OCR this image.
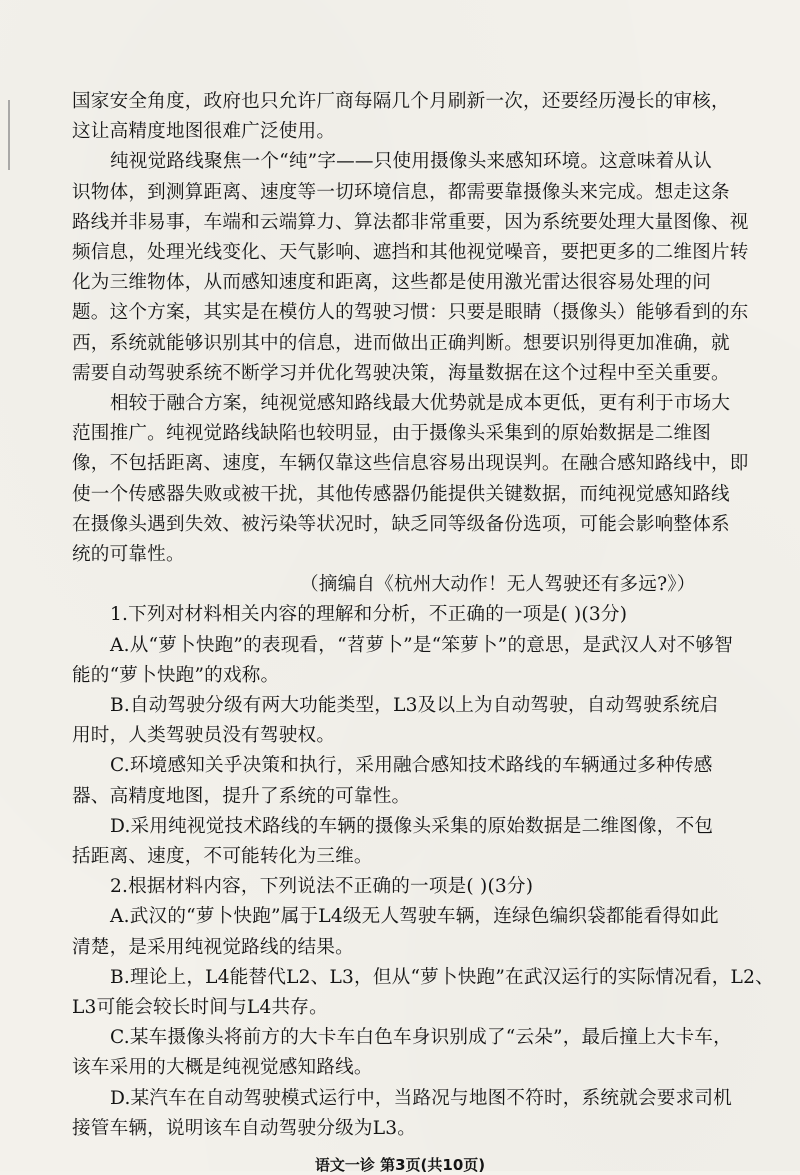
国家安全角度，政府也只允许厂商每隔几个月刷新一次，还要经历漫长的审核，
这让高精度地图很难广泛使用。
纯视觉路线聚焦一个“纯”字——只使用摄像头来感知环境。这意味着从认
识物体，到测算距离、速度等一切环境信息，都需要靠摄像头来完成。想走这条
路线并非易事，车端和云端算力、算法都非常重要，因为系统要处理大量图像、视
频信息，处理光线变化、天气影响、遮挡和其他视觉噪音，要把更多的二维图片转
化为三维物体，从而感知速度和距离，这些都是使用激光雷达很容易处理的问
题。这个方案，其实是在模仿人的驾驶习惯：只要是眼睛（摄像头）能够看到的东
西，系统就能够识别其中的信息，进而做出正确判断。想要识别得更加准确，就
需要自动驾驶系统不断学习并优化驾驶决策，海量数据在这个过程中至关重要。
相较于融合方案，纯视觉感知路线最大优势就是成本更低，更有利于市场大
范围推广。纯视觉路线缺陷也较明显，由于摄像头采集到的原始数据是二维图
像，不包括距离、速度，车辆仅靠这些信息容易出现误判。在融合感知路线中，即
使一个传感器失败或被干扰，其他传感器仍能提供关键数据，而纯视觉感知路线
在摄像头遇到失效、被污染等状况时，缺乏同等级备份选项，可能会影响整体系
统的可靠性。
（摘编自《杭州大动作！无人驾驶还有多远?》）
1.下列对材料相关内容的理解和分析，不正确的一项是( )(3分)
A.从“萝卜快跑”的表现看，“苕萝卜”是“笨萝卜”的意思，是武汉人对不够智
能的“萝卜快跑”的戏称。
B.自动驾驶分级有两大功能类型，L3及以上为自动驾驶，自动驾驶系统启
用时，人类驾驶员没有驾驶权。
C.环境感知关乎决策和执行，采用融合感知技术路线的车辆通过多种传感
器、高精度地图，提升了系统的可靠性。
D.采用纯视觉技术路线的车辆的摄像头采集的原始数据是二维图像，不包
括距离、速度，不可能转化为三维。
2.根据材料内容，下列说法不正确的一项是( )(3分)
A.武汉的“萝卜快跑”属于L4级无人驾驶车辆，连绿色编织袋都能看得如此
清楚，是采用纯视觉路线的结果。
B.理论上，L4能替代L2、L3，但从“萝卜快跑”在武汉运行的实际情况看，L2、
L3可能会较长时间与L4共存。
C.某车摄像头将前方的大卡车白色车身识别成了“云朵”，最后撞上大卡车，
该车采用的大概是纯视觉感知路线。
D.某汽车在自动驾驶模式运行中，当路况与地图不符时，系统就会要求司机
接管车辆，说明该车自动驾驶分级为L3。
语文一诊 第3页(共10页)
